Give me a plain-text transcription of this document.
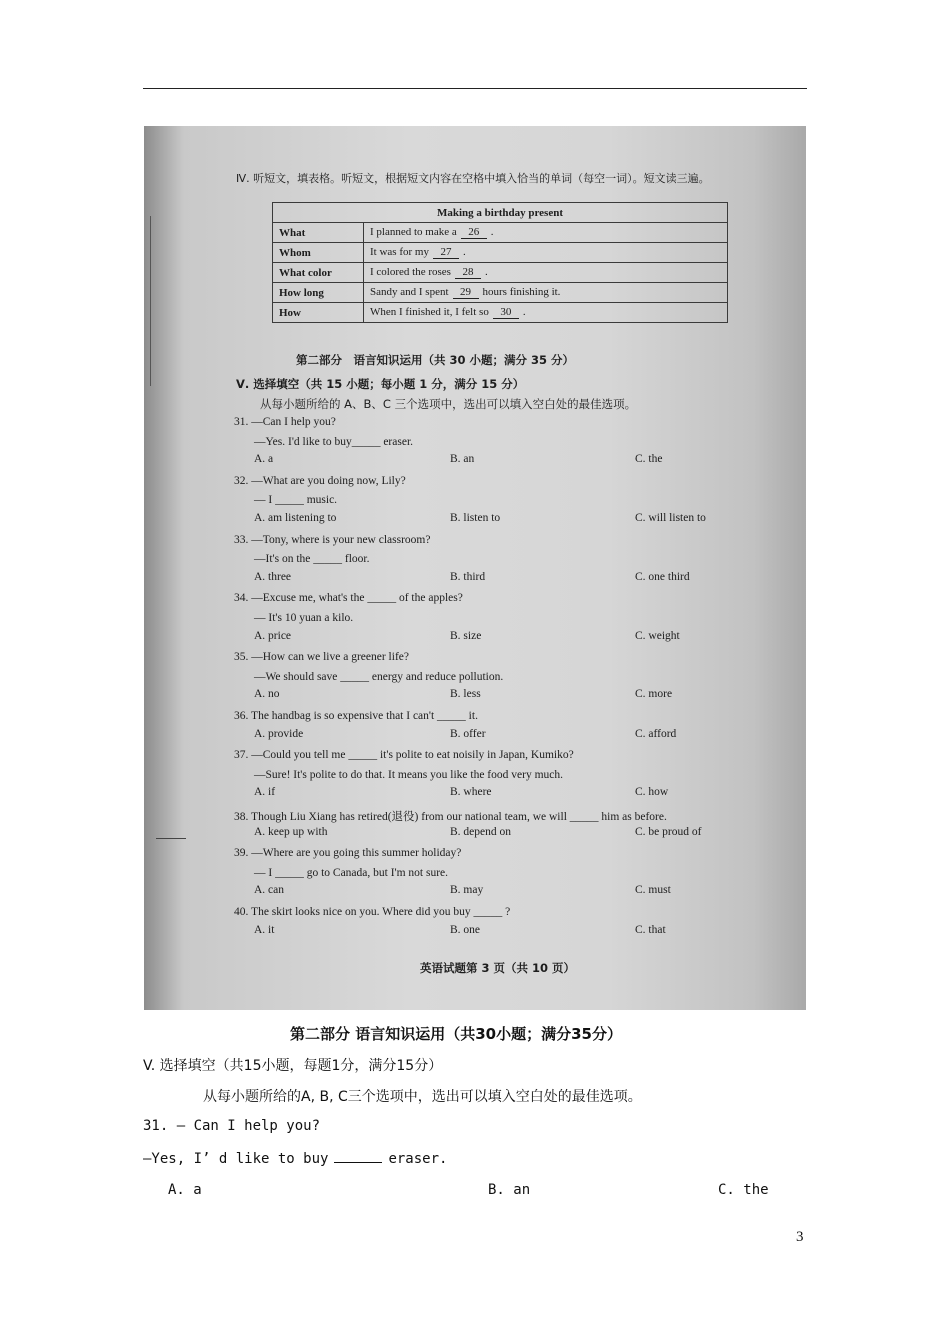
Ⅳ. 听短文，填表格。听短文，根据短文内容在空格中填入恰当的单词（每空一词）。短文读三遍。
Making a birthday present	
What	I planned to make a 26 .
Whom	It was for my 27 .
What color	I colored the roses 28 .
How long	Sandy and I spent 29 hours finishing it.
How	When I finished it, I felt so 30 .
第二部分　语言知识运用（共 30 小题；满分 35 分）
Ⅴ. 选择填空（共 15 小题；每小题 1 分，满分 15 分）
从每小题所给的 A、B、C 三个选项中，选出可以填入空白处的最佳选项。
31. —Can I help you?
—Yes. I'd like to buy_____ eraser.
A. a	B. an	C. the
32. —What are you doing now, Lily?
— I _____ music.
A. am listening to	B. listen to	C. will listen to
33. —Tony, where is your new classroom?
—It's on the _____ floor.
A. three	B. third	C. one third
34. —Excuse me, what's the _____ of the apples?
— It's 10 yuan a kilo.
A. price	B. size	C. weight
35. —How can we live a greener life?
—We should save _____ energy and reduce pollution.
A. no	B. less	C. more
36. The handbag is so expensive that I can't _____ it.
A. provide	B. offer	C. afford
37. —Could you tell me _____ it's polite to eat noisily in Japan, Kumiko?
—Sure! It's polite to do that. It means you like the food very much.
A. if	B. where	C. how
38. Though Liu Xiang has retired(退役) from our national team, we will _____ him as before.
A. keep up with	B. depend on	C. be proud of
39. —Where are you going this summer holiday?
— I _____ go to Canada, but I'm not sure.
A. can	B. may	C. must
40. The skirt looks nice on you. Where did you buy _____ ?
A. it	B. one	C. that
英语试题第 3 页（共 10 页）
第二部分 语言知识运用（共30小题；满分35分）
V. 选择填空（共15小题，每题1分，满分15分）
从每小题所给的A, B, C三个选项中，选出可以填入空白处的最佳选项。
31. — Can I help you?
—Yes, I’ d like to buy	eraser.
A. a	B. an	C. the
3
